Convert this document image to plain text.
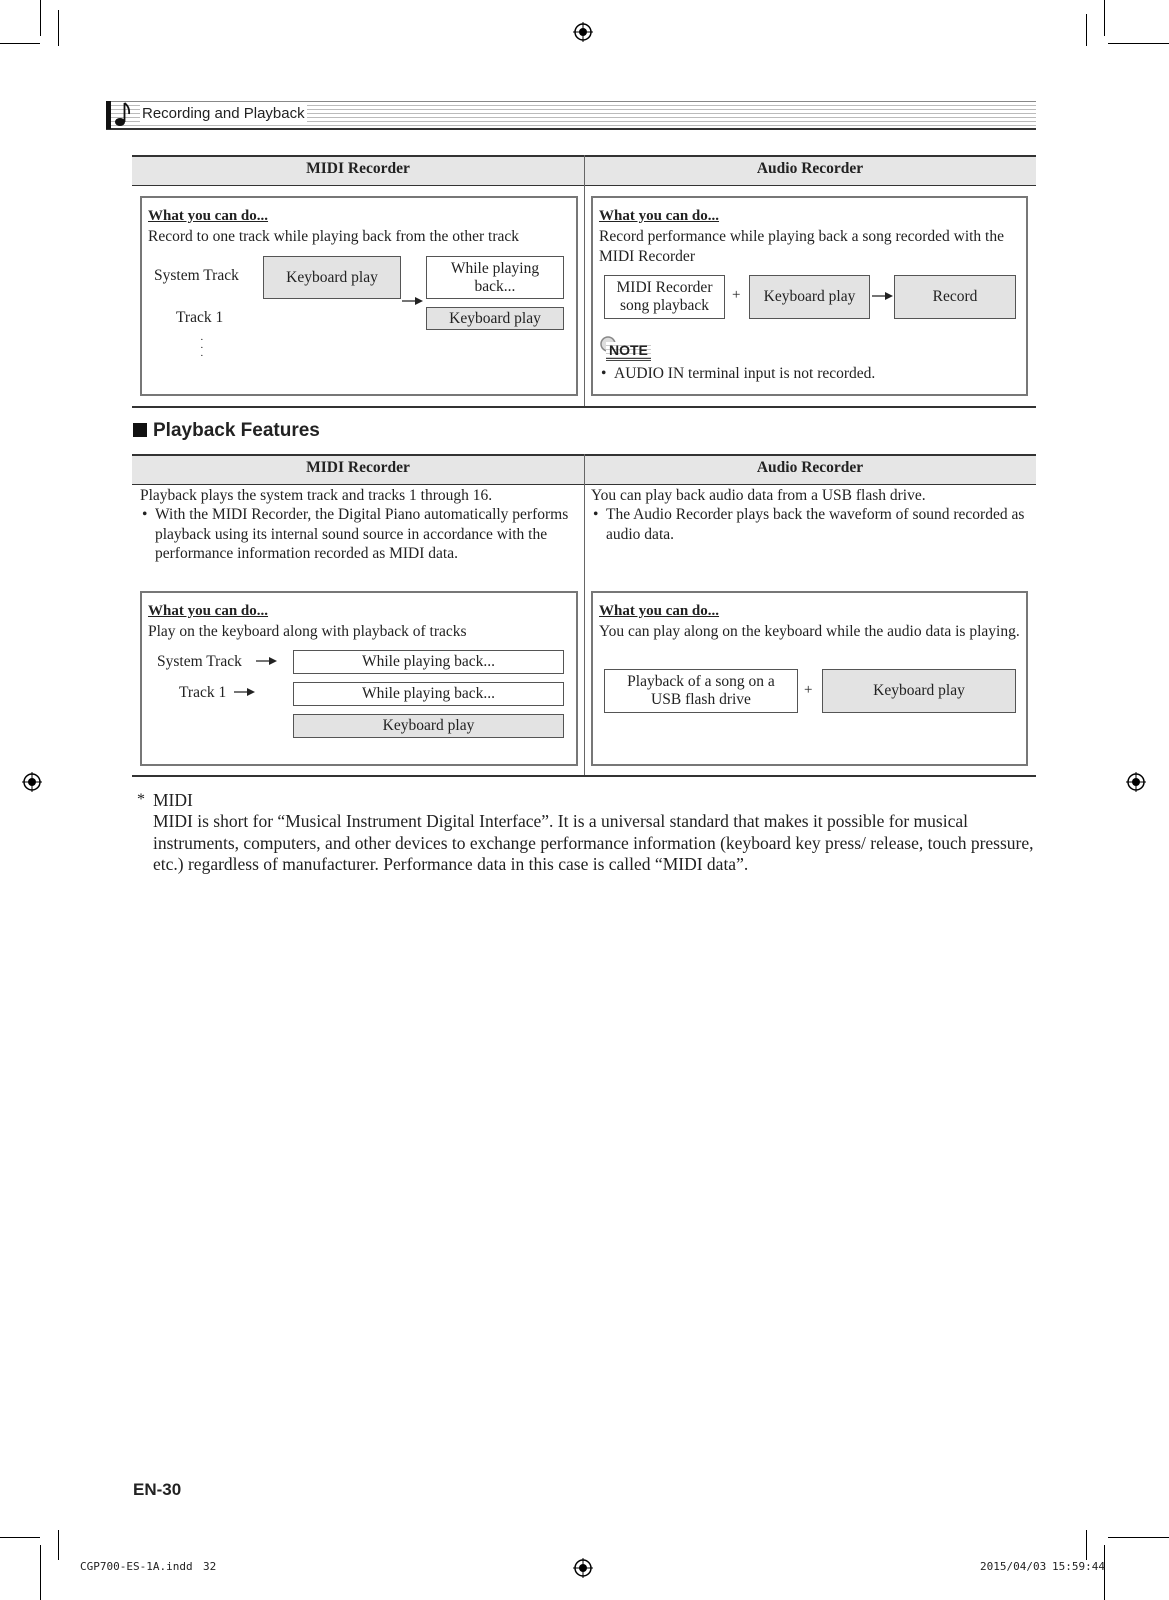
Recording and Playback
MIDI Recorder	Audio Recorder
What you can do...
Record to one track while playing back from the other track
System Track
Track 1
· · ·
Keyboard play
While playing back...
Keyboard play
What you can do...
Record performance while playing back a song recorded with the MIDI Recorder
MIDI Recorder song playback
+	Keyboard play	Record
NOTE
• AUDIO IN terminal input is not recorded.
Playback Features
MIDI Recorder	Audio Recorder
Playback plays the system track and tracks 1 through 16.
• With the MIDI Recorder, the Digital Piano automatically performs playback using its internal sound source in accordance with the performance information recorded as MIDI data.
You can play back audio data from a USB flash drive.
• The Audio Recorder plays back the waveform of sound recorded as audio data.
What you can do...
Play on the keyboard along with playback of tracks
System Track
Track 1
While playing back...
While playing back...
Keyboard play
What you can do...
You can play along on the keyboard while the audio data is playing.
Playback of a song on a USB flash drive
+	Keyboard play
* MIDI
MIDI is short for “Musical Instrument Digital Interface”. It is a universal standard that makes it possible for musical instruments, computers, and other devices to exchange performance information (keyboard key press/ release, touch pressure, etc.) regardless of manufacturer. Performance data in this case is called “MIDI data”.
EN-30
CGP700-ES-1A.indd 32	2015/04/03 15:59:44
